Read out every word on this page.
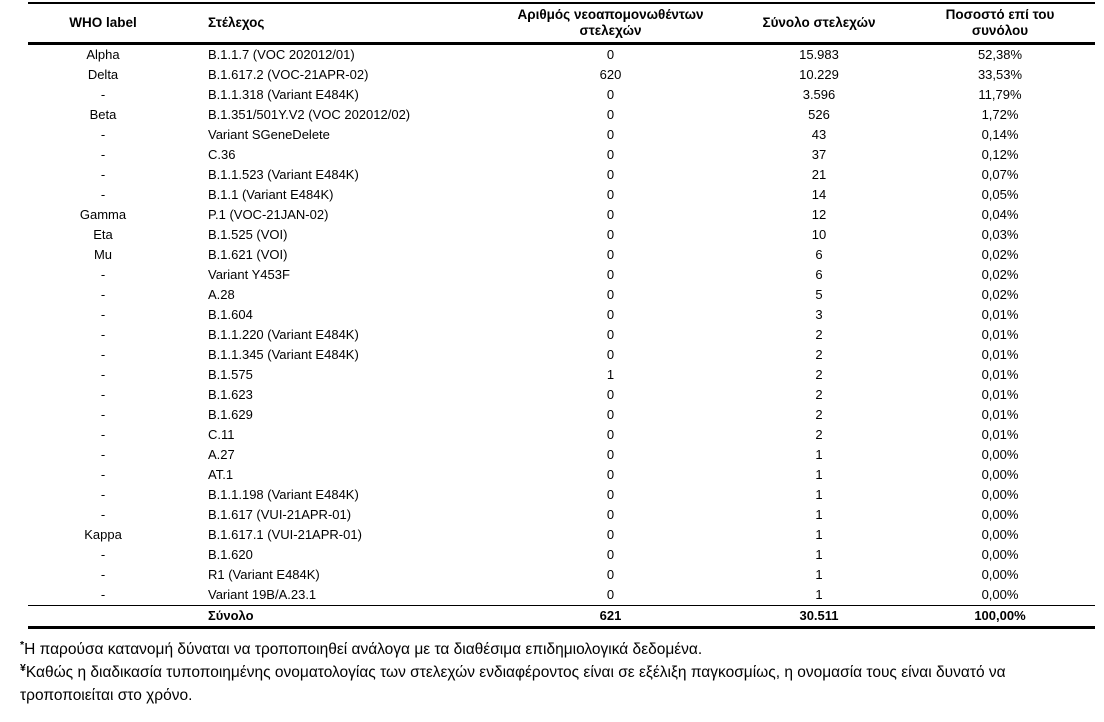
WHO label	Στέλεχος	Αριθμός νεοαπομονωθέντων στελεχών	Σύνολο στελεχών	Ποσοστό επί του συνόλου
Alpha	B.1.1.7 (VOC 202012/01)	0	15.983	52,38%
Delta	B.1.617.2 (VOC-21APR-02)	620	10.229	33,53%
-	B.1.1.318 (Variant E484K)	0	3.596	11,79%
Beta	B.1.351/501Y.V2 (VOC 202012/02)	0	526	1,72%
-	Variant SGeneDelete	0	43	0,14%
-	C.36	0	37	0,12%
-	B.1.1.523 (Variant E484K)	0	21	0,07%
-	B.1.1 (Variant E484K)	0	14	0,05%
Gamma	P.1 (VOC-21JAN-02)	0	12	0,04%
Eta	B.1.525 (VOI)	0	10	0,03%
Mu	B.1.621 (VOI)	0	6	0,02%
-	Variant Y453F	0	6	0,02%
-	A.28	0	5	0,02%
-	B.1.604	0	3	0,01%
-	B.1.1.220 (Variant E484K)	0	2	0,01%
-	B.1.1.345 (Variant E484K)	0	2	0,01%
-	B.1.575	1	2	0,01%
-	B.1.623	0	2	0,01%
-	B.1.629	0	2	0,01%
-	C.11	0	2	0,01%
-	A.27	0	1	0,00%
-	AT.1	0	1	0,00%
-	B.1.1.198 (Variant E484K)	0	1	0,00%
-	B.1.617 (VUI-21APR-01)	0	1	0,00%
Kappa	B.1.617.1 (VUI-21APR-01)	0	1	0,00%
-	B.1.620	0	1	0,00%
-	R1 (Variant E484K)	0	1	0,00%
-	Variant 19B/A.23.1	0	1	0,00%
	Σύνολο	621	30.511	100,00%

*Η παρούσα κατανομή δύναται να τροποποιηθεί ανάλογα με τα διαθέσιμα επιδημιολογικά δεδομένα.

¥Καθώς η διαδικασία τυποποιημένης ονοματολογίας των στελεχών ενδιαφέροντος είναι σε εξέλιξη παγκοσμίως, η ονομασία τους είναι δυνατό να τροποποιείται στο χρόνο.
